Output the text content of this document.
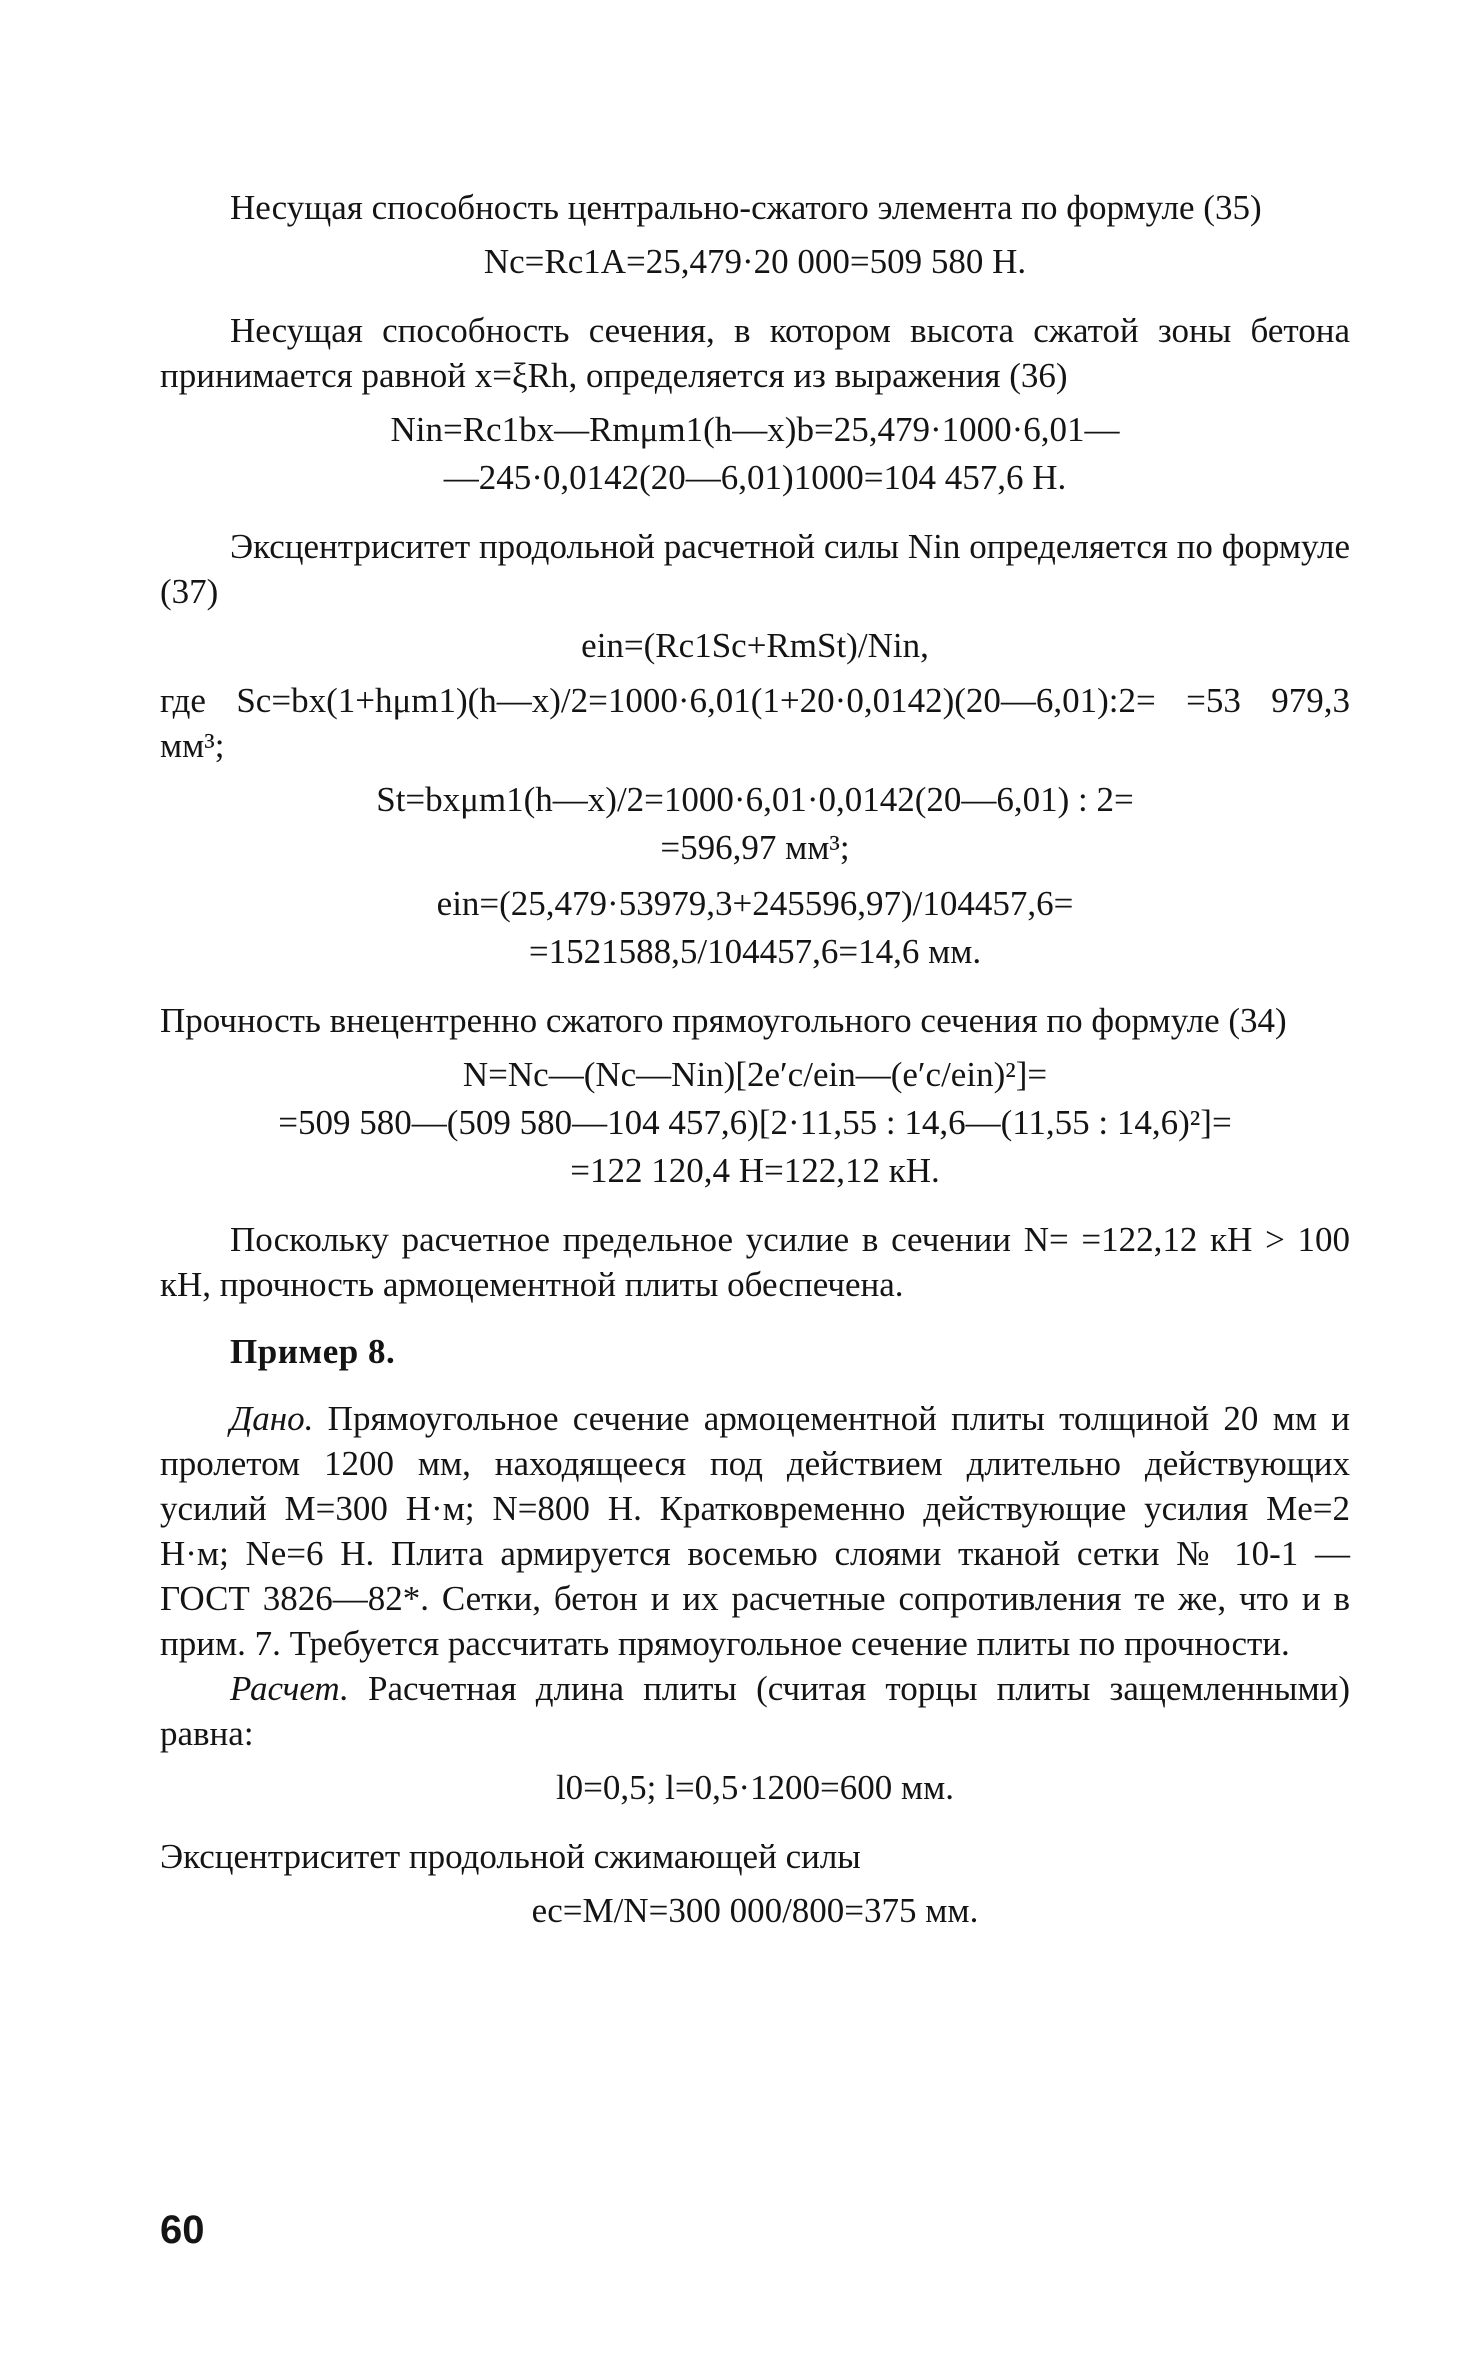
Несущая способность центрально-сжатого элемента по формуле (35)

Nc=Rc1A=25,479·20 000=509 580 Н.

Несущая способность сечения, в котором высота сжатой зоны бетона принимается равной x=ξRh, определяется из выражения (36)

Nin=Rc1bx—Rmμm1(h—x)b=25,479·1000·6,01—
—245·0,0142(20—6,01)1000=104 457,6 Н.

Эксцентриситет продольной расчетной силы Nin определяется по формуле (37)

ein=(Rc1Sc+RmSt)/Nin,

где Sc=bx(1+hμm1)(h—x)/2=1000·6,01(1+20·0,0142)(20—6,01):2= =53 979,3 мм³;

St=bxμm1(h—x)/2=1000·6,01·0,0142(20—6,01) : 2=
=596,97 мм³;
ein=(25,479·53979,3+245596,97)/104457,6=
=1521588,5/104457,6=14,6 мм.

Прочность внецентренно сжатого прямоугольного сечения по формуле (34)

N=Nc—(Nc—Nin)[2e′c/ein—(e′c/ein)²]=
=509 580—(509 580—104 457,6)[2·11,55 : 14,6—(11,55 : 14,6)²]=
=122 120,4 Н=122,12 кН.

Поскольку расчетное предельное усилие в сечении N= =122,12 кН > 100 кН, прочность армоцементной плиты обеспечена.

Пример 8.

Дано. Прямоугольное сечение армоцементной плиты толщиной 20 мм и пролетом 1200 мм, находящееся под действием длительно действующих усилий M=300 Н·м; N=800 Н. Кратковременно действующие усилия Me=2 Н·м; Ne=6 Н. Плита армируется восемью слоями тканой сетки № 10-1 — ГОСТ 3826—82*. Сетки, бетон и их расчетные сопротивления те же, что и в прим. 7. Требуется рассчитать прямоугольное сечение плиты по прочности.

Расчет. Расчетная длина плиты (считая торцы плиты защемленными) равна:

l0=0,5; l=0,5·1200=600 мм.

Эксцентриситет продольной сжимающей силы

ec=M/N=300 000/800=375 мм.
60
